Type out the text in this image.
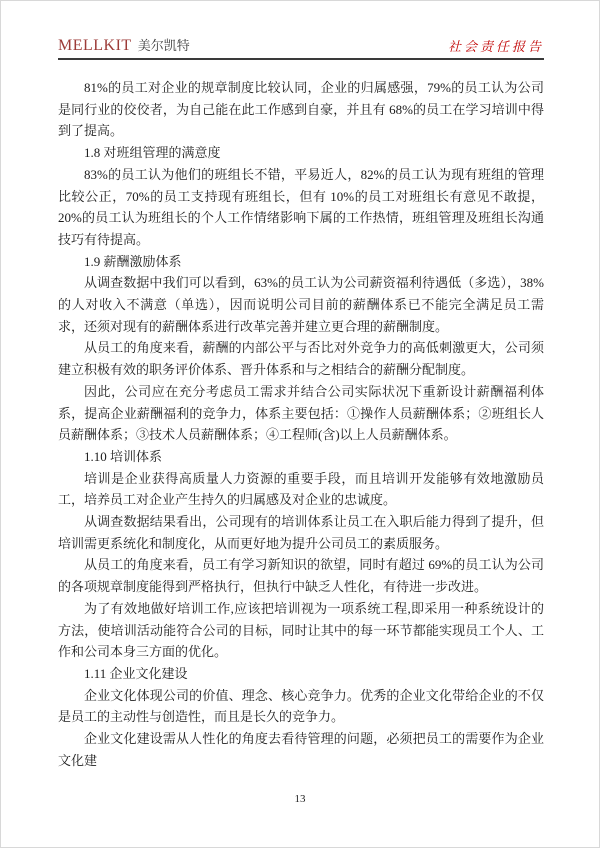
MELLKIT 美尔凯特	社会责任报告

81%的员工对企业的规章制度比较认同，企业的归属感强，79%的员工认为公司是同行业的佼佼者，为自己能在此工作感到自豪，并且有 68%的员工在学习培训中得到了提高。

1.8 对班组管理的满意度

83%的员工认为他们的班组长不错，平易近人，82%的员工认为现有班组的管理比较公正，70%的员工支持现有班组长，但有 10%的员工对班组长有意见不敢提，20%的员工认为班组长的个人工作情绪影响下属的工作热情，班组管理及班组长沟通技巧有待提高。

1.9 薪酬激励体系

从调查数据中我们可以看到，63%的员工认为公司薪资福利待遇低（多选），38%的人对收入不满意（单选），因而说明公司目前的薪酬体系已不能完全满足员工需求，还须对现有的薪酬体系进行改革完善并建立更合理的薪酬制度。

从员工的角度来看，薪酬的内部公平与否比对外竞争力的高低刺激更大，公司须建立积极有效的职务评价体系、晋升体系和与之相结合的薪酬分配制度。

因此，公司应在充分考虑员工需求并结合公司实际状况下重新设计薪酬福利体系，提高企业薪酬福利的竞争力，体系主要包括：①操作人员薪酬体系；②班组长人员薪酬体系；③技术人员薪酬体系；④工程师(含)以上人员薪酬体系。

1.10 培训体系

培训是企业获得高质量人力资源的重要手段，而且培训开发能够有效地激励员工，培养员工对企业产生持久的归属感及对企业的忠诚度。

从调查数据结果看出，公司现有的培训体系让员工在入职后能力得到了提升，但培训需更系统化和制度化，从而更好地为提升公司员工的素质服务。

从员工的角度来看，员工有学习新知识的欲望，同时有超过 69%的员工认为公司的各项规章制度能得到严格执行，但执行中缺乏人性化，有待进一步改进。

为了有效地做好培训工作,应该把培训视为一项系统工程,即采用一种系统设计的方法，使培训活动能符合公司的目标，同时让其中的每一环节都能实现员工个人、工作和公司本身三方面的优化。

1.11 企业文化建设

企业文化体现公司的价值、理念、核心竞争力。优秀的企业文化带给企业的不仅是员工的主动性与创造性，而且是长久的竞争力。

企业文化建设需从人性化的角度去看待管理的问题，必须把员工的需要作为企业文化建

13
